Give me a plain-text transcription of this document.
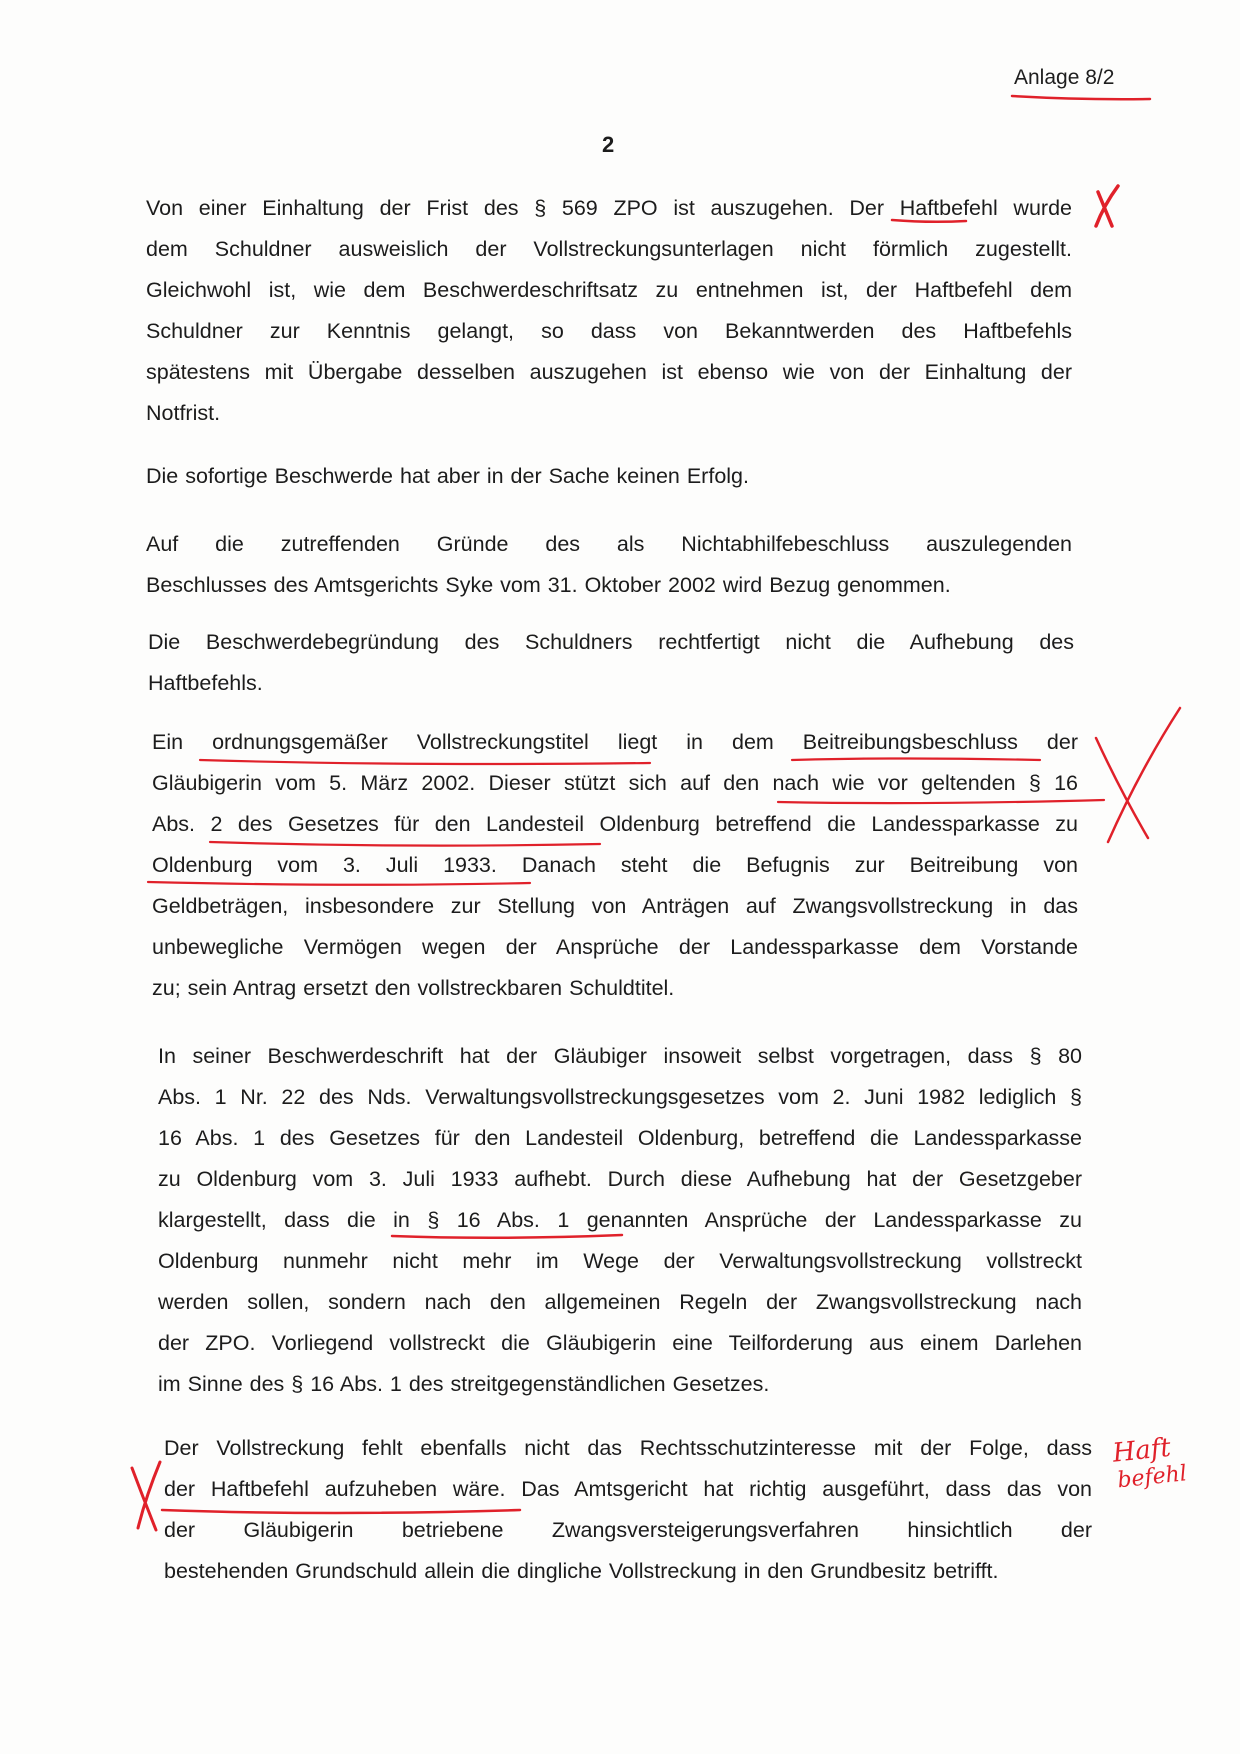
Anlage 8/2
2

Von einer Einhaltung der Frist des § 569 ZPO ist auszugehen. Der Haftbefehl wurde
dem Schuldner ausweislich der Vollstreckungsunterlagen nicht förmlich zugestellt.
Gleichwohl ist, wie dem Beschwerdeschriftsatz zu entnehmen ist, der Haftbefehl dem
Schuldner zur Kenntnis gelangt, so dass von Bekanntwerden des Haftbefehls
spätestens mit Übergabe desselben auszugehen ist ebenso wie von der Einhaltung der
Notfrist.

Die sofortige Beschwerde hat aber in der Sache keinen Erfolg.

Auf die zutreffenden Gründe des als Nichtabhilfebeschluss auszulegenden
Beschlusses des Amtsgerichts Syke vom 31. Oktober 2002 wird Bezug genommen.

Die Beschwerdebegründung des Schuldners rechtfertigt nicht die Aufhebung des
Haftbefehls.

Ein ordnungsgemäßer Vollstreckungstitel liegt in dem Beitreibungsbeschluss der
Gläubigerin vom 5. März 2002. Dieser stützt sich auf den nach wie vor geltenden § 16
Abs. 2 des Gesetzes für den Landesteil Oldenburg betreffend die Landessparkasse zu
Oldenburg vom 3. Juli 1933. Danach steht die Befugnis zur Beitreibung von
Geldbeträgen, insbesondere zur Stellung von Anträgen auf Zwangsvollstreckung in das
unbewegliche Vermögen wegen der Ansprüche der Landessparkasse dem Vorstande
zu; sein Antrag ersetzt den vollstreckbaren Schuldtitel.

In seiner Beschwerdeschrift hat der Gläubiger insoweit selbst vorgetragen, dass § 80
Abs. 1 Nr. 22 des Nds. Verwaltungsvollstreckungsgesetzes vom 2. Juni 1982 lediglich §
16 Abs. 1 des Gesetzes für den Landesteil Oldenburg, betreffend die Landessparkasse
zu Oldenburg vom 3. Juli 1933 aufhebt. Durch diese Aufhebung hat der Gesetzgeber
klargestellt, dass die in § 16 Abs. 1 genannten Ansprüche der Landessparkasse zu
Oldenburg nunmehr nicht mehr im Wege der Verwaltungsvollstreckung vollstreckt
werden sollen, sondern nach den allgemeinen Regeln der Zwangsvollstreckung nach
der ZPO. Vorliegend vollstreckt die Gläubigerin eine Teilforderung aus einem Darlehen
im Sinne des § 16 Abs. 1 des streitgegenständlichen Gesetzes.

Der Vollstreckung fehlt ebenfalls nicht das Rechtsschutzinteresse mit der Folge, dass
der Haftbefehl aufzuheben wäre. Das Amtsgericht hat richtig ausgeführt, dass das von
der Gläubigerin betriebene Zwangsversteigerungsverfahren hinsichtlich der
bestehenden Grundschuld allein die dingliche Vollstreckung in den Grundbesitz betrifft.

Haft
befehl
